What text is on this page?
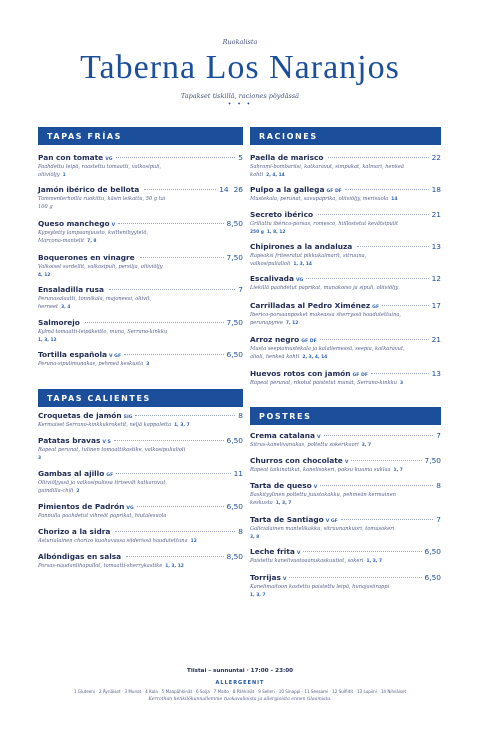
Ruokalista
Taberna Los Naranjos
Tapakset tiskillä, raciones pöydässä
• • •
TAPAS FRÍAS
Pan con tomate VG	5
Paahdettu leipä, raastettu tomaatti, valkosipuli,
oliiviöljy 1
Jamón ibérico de bellota	14 26
Tammenterhoilla ruokittu, käsin leikattu, 50 g tai
100 g
Queso manchego V	8,50
Kypsytetty lampaanjuusto, kvittenihyytelö,
Marcona-mantelit 7, 8
Boquerones en vinagre	7,50
Valkoiset sardellit, valkosipuli, persilja, oliiviöljy
4, 12
Ensaladilla rusa	7
Perunasalaatti, tonnikala, majoneesi, oliivit,
herneet 3, 4
Salmorejo	7,50
Kylmä tomaatti-leipäkeitto, muna, Serrano-kinkku
1, 3, 12
Tortilla española V GF	6,50
Peruna-sipulimunakas, pehmeä keskusta 3
TAPAS CALIENTES
Croquetas de jamón SIG	8
Kermaiset Serrano-kinkkukroketit, neljä kappaletta 1, 3, 7
Patatas bravas V S	6,50
Rapeat perunat, tulinen tomaattikastike, valkosipulialioli
3
Gambas al ajillo GF	11
Oliiviöljyssä ja valkosipulissa tirisevät katkaravut,
guindilla-chili 2
Pimientos de Padrón VG	6,50
Pannulla paahdetut vihreät paprikat, hiutalesuola
Chorizo a la sidra	8
Asturialainen chorizo kuohuvassa siiderissä haudutettuna 12
Albóndigas en salsa	8,50
Porsas-naudanlihapullat, tomaatti-sherrykastike 1, 3, 12
RACIONES
Paella de marisco	22
Sahrami-bombariisi, katkaravut, simpukat, kalmari, henkeä
kohti 2, 4, 14
Pulpo a la gallega GF DF	18
Mustekala, perunat, savupaprika, oliiviöljy, merisuola 14
Secreto ibérico	21
Grillattu ibérico-porsas, romesco, hiillostetut kevätsipulit
250 g 1, 8, 12
Chipirones a la andaluza	13
Rapeaksi friteeratut pikkukalmarit, sitruuna,
valkosipulialioli 1, 3, 14
Escalivada VG	12
Liekillä paahdetut paprikat, munakoiso ja sipuli, oliiviöljy
Carrilladas al Pedro Ximénez GF	17
Iberico-porsaanposket makeassa sherryssä haudutettuina,
perunapyree 7, 12
Arroz negro GF DF	21
Musta seepiamustekala ja kalaliemessä, seepia, katkaravut,
alioli, henkeä kohti 2, 3, 4, 14
Huevos rotos con jamón GF DF	13
Rapeat perunat, rikotut paistetut munat, Serrano-kinkku 3
POSTRES
Crema catalana V	7
Sitrus-kanelivanukas, poltettu sokerikuori 3, 7
Churros con chocolate V	7,50
Rapeat taikinatikut, kanelisokeri, paksu kuuma suklaa 1, 7
Tarta de queso V	8
Baskityylinen poltettu juustokakku, pehmeän kermainen
keskusta 1, 3, 7
Tarta de Santiago V GF	7
Galicialainen mantelikakku, sitruunankuori, tomusokeri
3, 8
Leche frita V	6,50
Paistettu kanelivuotoaanukaskuutiot, sokeri 1, 3, 7
Torrijas V	6,50
Kanelimaitoon kastettu paistettu leipä, hunajasiirappi
1, 3, 7
Tiistai – sunnuntai · 17:00 – 23:00
ALLERGEENIT
1 Gluteeni · 2 Äyriäiset · 3 Munat · 4 Kala · 5 Maapähkinät · 6 Soija · 7 Maito · 8 Pähkinät · 9 Selleri · 10 Sinappi · 11 Seesami · 12 Sulfiitit · 13 Lupiini · 14 Nilviäiset
Kerrothan henkilökunnallemme ruokavalioista ja allergioista ennen tilaamista.
